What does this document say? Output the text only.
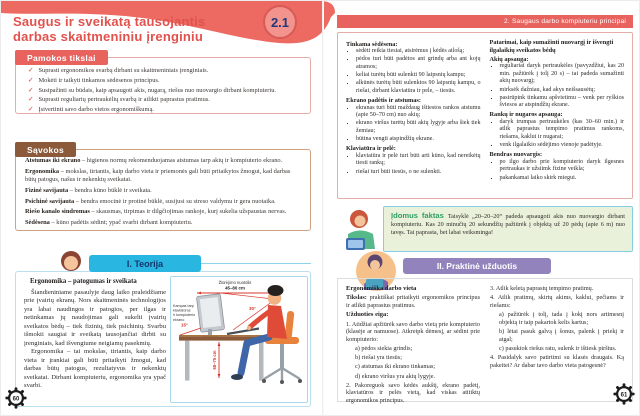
2.1
Saugus ir sveikatą tausojantis
darbas skaitmeniniu įrenginiu
Pamokos tikslai
✓ Suprasti ergonomikos svarbą dirbant su skaitmeniniais įrenginiais.
✓ Mokėti ir taikyti tinkamos sėdėsenos principus.
✓ Susipažinti su būdais, kaip apsaugoti akis, nugarą, riešus nuo nuovargio dirbant kompiuteriu.
✓ Suprasti reguliarių pertraukėlių svarbą ir atlikti paprastus pratimus.
✓ Įsivertinti savo darbo vietos ergonomiškumą.
Sąvokos
Atstumas iki ekrano – higienos normų rekomenduojamas atstumas tarp akių ir kompiuterio ekrano.
Ergonomika – mokslas, tiriantis, kaip darbo vieta ir priemonės gali būti pritaikytos žmogui, kad darbas būtų patogus, našus ir nekenktų sveikatai.
Fizinė savijauta – bendra kūno būklė ir sveikata.
Psichinė savijauta – bendra emocinė ir protinė būklė, susijusi su streso valdymu ir gera nuotaika.
Riešo kanalo sindromas – skausmas, tirpimas ir dilgčiojimas rankoje, kurį sukelia užspaustas nervas.
Sėdėsena – kūno padėtis sėdint; ypač svarbi dirbant kompiuteriu.
I. Teorija
Ergonomika – patogumas ir sveikata

Šiandieniniame pasaulyje daug laiko praleidžiame prie įvairių ekranų. Nors skaitmeninės technologijos yra labai naudingos ir patogios, per ilgas ir netinkamas jų naudojimas gali sukelti įvairių sveikatos bėdų – tiek fizinių, tiek psichinių. Svarbu išmokti saugiai ir sveikatą tausojančiai dirbti su įrenginiais, kad išvengtume neigiamų pasekmių.

Ergonomika – tai mokslas, tiriantis, kaip darbo vieta ir įrankiai gali būti pritaikyti žmogui, kad darbas būtų patogus, rezultatyvus ir nekenktų sveikatai. Dirbant kompiuteriu, ergonomika yra ypač svarbi.

Žiūrėjimo nuotolis
45–80 cm
Kampas tarp
klaviatūros
ir kompiuterio
ekrano
30°
15°
68–75 cm
60
2. Saugaus darbo kompiuteriu principai
Tinkama sėdėsena:
▪ sėdėti reikia tiesiai, atsirėmus į kėdės atlošą;
▪ pėdos turi būti padėtos ant grindų arba ant kojų atramos;
▪ keliai turėtų būti sulenkti 90 laipsnių kampu;
▪ alkūnės turėtų būti sulenktos 90 laipsnių kampu, o riešai, dirbant klaviatūra ir pele, – tiesūs.
Ekrano padėtis ir atstumas:
▪ ekranas turi būti maždaug ištiestos rankos atstumu (apie 50–70 cm) nuo akių;
▪ ekrano viršus turėtų būti akių lygyje arba šiek tiek žemiau;
▪ būtina vengti atspindžių ekrane.
Klaviatūra ir pelė:
▪ klaviatūra ir pelė turi būti arti kūno, kad nereikėtų tiesti rankų;
▪ riešai turi būti tiesūs, o ne sulenkti.
Patarimai, kaip sumažinti nuovargį ir išvengti ilgalaikių sveikatos bėdų
Akių apsauga:
▪ reguliariai daryk pertraukėles (pavyzdžiui, kas 20 min. pažiūrėk į tolį 20 s) – tai padeda sumažinti akių nuovargį;
▪ mirksėk dažniau, kad akys neišsausėtų;
▪ pasirūpink tinkamu apšvietimu – venk per ryškios šviesos ar atspindžių ekrane.
Rankų ir nugaros apsauga:
▪ daryk trumpas pertraukėles (kas 30–60 min.) ir atlik paprastus tempimo pratimus rankoms, riešams, kaklui ir nugarai;
▪ venk ilgalaikio sėdėjimo vienoje padėtyje.
Bendras nuovargis:
▪ po ilgo darbo prie kompiuterio daryk ilgesnes pertraukas ir užsiimk fizine veikla;
▪ pakankamai laiko skirk miegui.
Įdomus faktas Taisyklė „20–20–20“ padeda apsaugoti akis nuo nuovargio dirbant kompiuteriu. Kas 20 minučių 20 sekundžių pažiūrėk į objektą už 20 pėdų (apie 6 m) nuo tavęs. Tai paprasta, bet labai veiksminga!
II. Praktinė užduotis
Ergonomiška darbo vieta
Tikslas: praktiškai pritaikyti ergonomikos principus ir atlikti paprastus pratimus.
Užduoties eiga:
1. Atidžiai apžiūrėk savo darbo vietą prie kompiuterio (klasėje ar namuose). Atkreipk dėmesį, ar sėdint prie kompiuterio:
a) pėdos siekia grindis;
b) riešai yra tiesūs;
c) atstumas iki ekrano tinkamas;
d) ekrano viršus yra akių lygyje.
2. Pakoreguok savo kėdės aukštį, ekrano padėtį, klaviatūros ir pelės vietą, kad viskas atitiktų ergonomikos principus.
3. Atlik keletą paprastų tempimo pratimų.
4. Atlik pratimų, skirtų akims, kaklui, pečiams ir riešams:
a) pažiūrėk į tolį, tada į kokį nors artimesnį objektą ir taip pakartok kelis kartus;
b) lėtai pasuk galvą į šonus, palenk į priekį ir atgal;
c) pasukiok riešus ratu, sulenk ir ištiesk pirštus.
4. Pasidalyk savo patirtimi su klasės draugais. Ką pakeitei? Ar dabar tavo darbo vieta patogesnė?
61
